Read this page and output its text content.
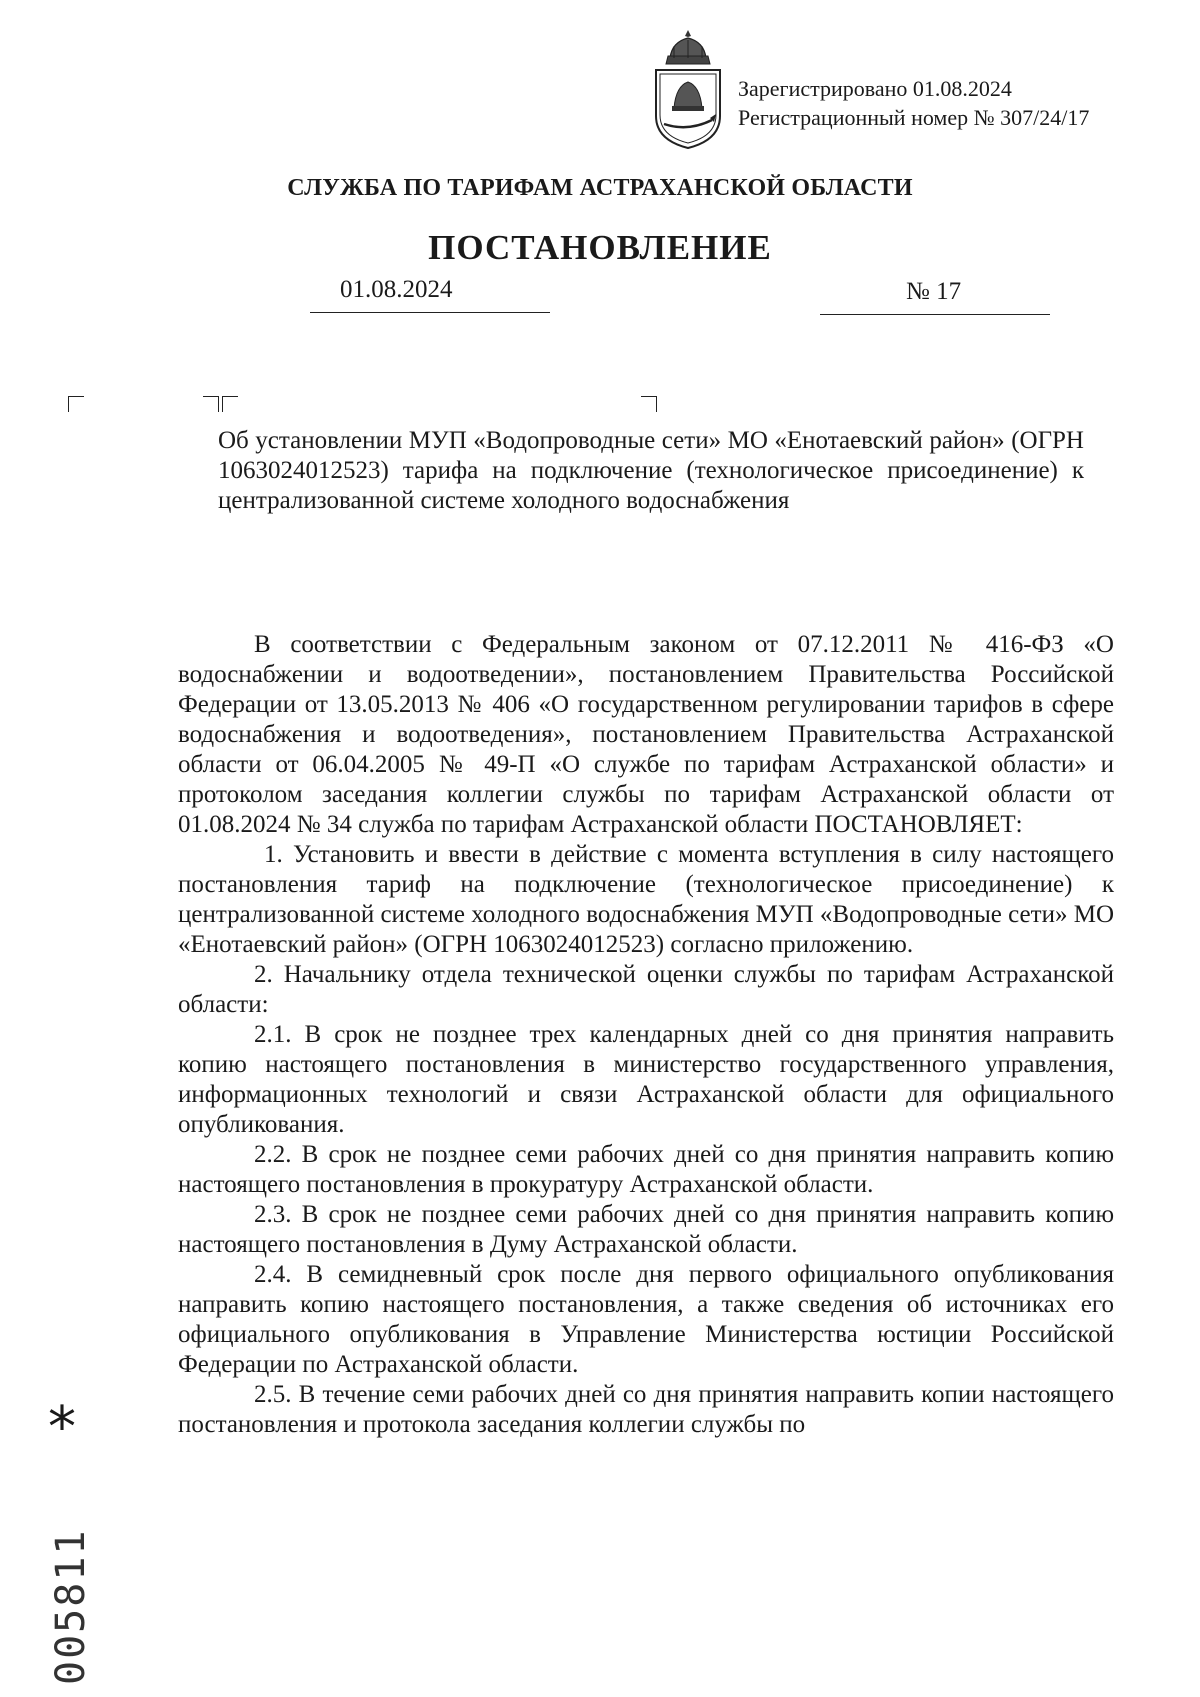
Зарегистрировано 01.08.2024
Регистрационный номер № 307/24/17
СЛУЖБА ПО ТАРИФАМ АСТРАХАНСКОЙ ОБЛАСТИ
ПОСТАНОВЛЕНИЕ
01.08.2024	№ 17
Об установлении МУП «Водопроводные сети» МО «Енотаевский район» (ОГРН 1063024012523) тарифа на подключение (технологическое присоединение) к централизованной системе холодного водоснабжения

В соответствии с Федеральным законом от 07.12.2011 № 416-ФЗ «О водоснабжении и водоотведении», постановлением Правительства Российской Федерации от 13.05.2013 № 406 «О государственном регулировании тарифов в сфере водоснабжения и водоотведения», постановлением Правительства Астраханской области от 06.04.2005 № 49-П «О службе по тарифам Астраханской области» и протоколом заседания коллегии службы по тарифам Астраханской области от 01.08.2024 № 34 служба по тарифам Астраханской области ПОСТАНОВЛЯЕТ:

1. Установить и ввести в действие с момента вступления в силу настоящего постановления тариф на подключение (технологическое присоединение) к централизованной системе холодного водоснабжения МУП «Водопроводные сети» МО «Енотаевский район» (ОГРН 1063024012523) согласно приложению.

2. Начальнику отдела технической оценки службы по тарифам Астраханской области:

2.1. В срок не позднее трех календарных дней со дня принятия направить копию настоящего постановления в министерство государственного управления, информационных технологий и связи Астраханской области для официального опубликования.

2.2. В срок не позднее семи рабочих дней со дня принятия направить копию настоящего постановления в прокуратуру Астраханской области.

2.3. В срок не позднее семи рабочих дней со дня принятия направить копию настоящего постановления в Думу Астраханской области.

2.4. В семидневный срок после дня первого официального опубликования направить копию настоящего постановления, а также сведения об источниках его официального опубликования в Управление Министерства юстиции Российской Федерации по Астраханской области.

2.5. В течение семи рабочих дней со дня принятия направить копии настоящего постановления и протокола заседания коллегии службы по

*
005811
